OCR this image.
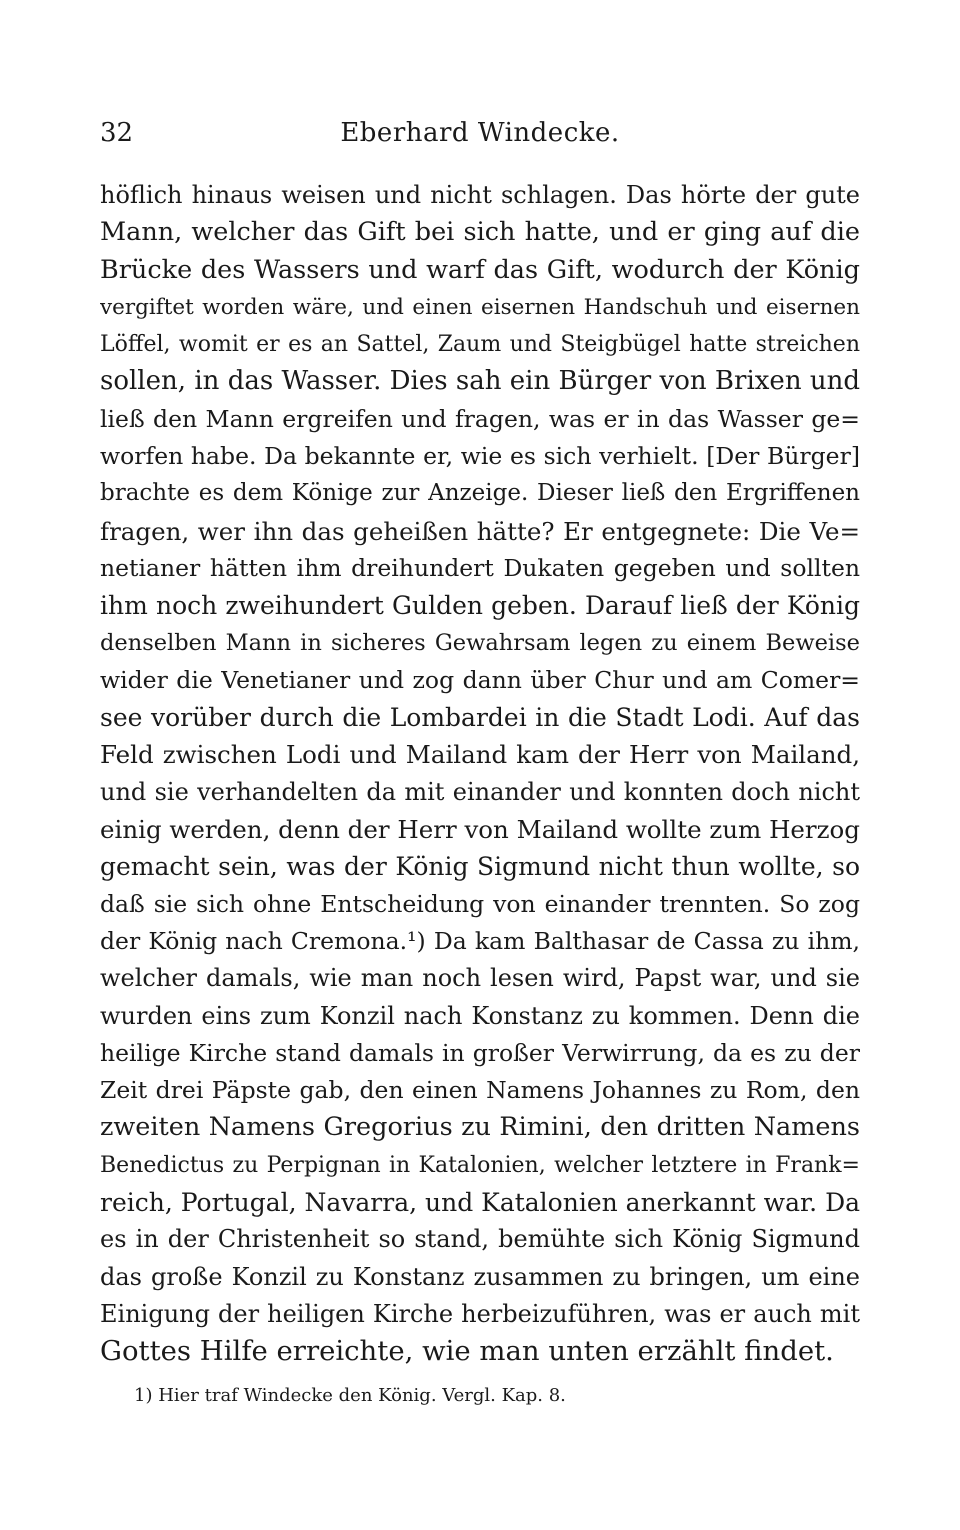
32	Eberhard Windecke.
höflich hinaus weisen und nicht schlagen. Das hörte der gute
Mann, welcher das Gift bei sich hatte, und er ging auf die
Brücke des Wassers und warf das Gift, wodurch der König
vergiftet worden wäre, und einen eisernen Handschuh und eisernen
Löffel, womit er es an Sattel, Zaum und Steigbügel hatte streichen
sollen, in das Wasser. Dies sah ein Bürger von Brixen und
ließ den Mann ergreifen und fragen, was er in das Wasser ge=
worfen habe. Da bekannte er, wie es sich verhielt. [Der Bürger]
brachte es dem Könige zur Anzeige. Dieser ließ den Ergriffenen
fragen, wer ihn das geheißen hätte? Er entgegnete: Die Ve=
netianer hätten ihm dreihundert Dukaten gegeben und sollten
ihm noch zweihundert Gulden geben. Darauf ließ der König
denselben Mann in sicheres Gewahrsam legen zu einem Beweise
wider die Venetianer und zog dann über Chur und am Comer=
see vorüber durch die Lombardei in die Stadt Lodi. Auf das
Feld zwischen Lodi und Mailand kam der Herr von Mailand,
und sie verhandelten da mit einander und konnten doch nicht
einig werden, denn der Herr von Mailand wollte zum Herzog
gemacht sein, was der König Sigmund nicht thun wollte, so
daß sie sich ohne Entscheidung von einander trennten. So zog
der König nach Cremona.¹) Da kam Balthasar de Cassa zu ihm,
welcher damals, wie man noch lesen wird, Papst war, und sie
wurden eins zum Konzil nach Konstanz zu kommen. Denn die
heilige Kirche stand damals in großer Verwirrung, da es zu der
Zeit drei Päpste gab, den einen Namens Johannes zu Rom, den
zweiten Namens Gregorius zu Rimini, den dritten Namens
Benedictus zu Perpignan in Katalonien, welcher letztere in Frank=
reich, Portugal, Navarra, und Katalonien anerkannt war. Da
es in der Christenheit so stand, bemühte sich König Sigmund
das große Konzil zu Konstanz zusammen zu bringen, um eine
Einigung der heiligen Kirche herbeizuführen, was er auch mit
Gottes Hilfe erreichte, wie man unten erzählt findet.
1) Hier traf Windecke den König. Vergl. Kap. 8.
